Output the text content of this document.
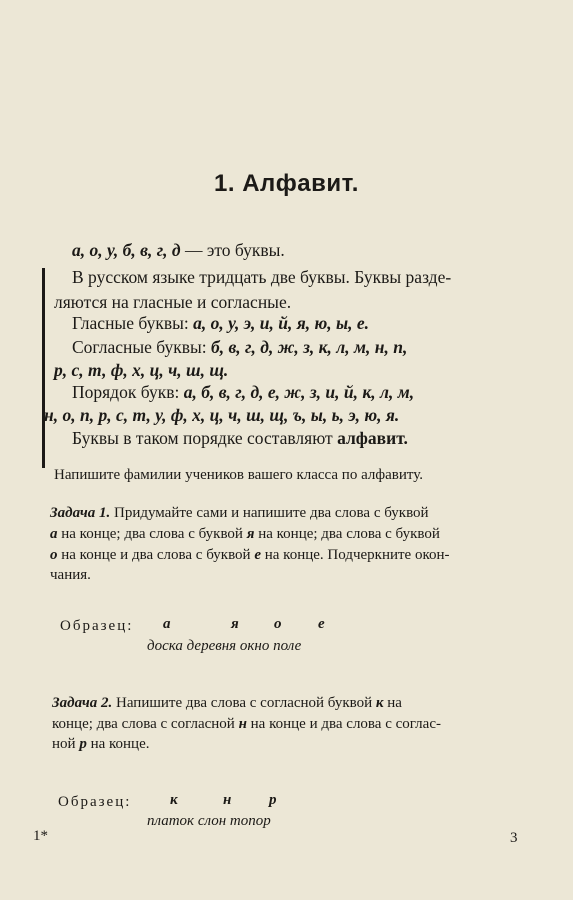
1. Алфавит.
а, о, у, б, в, г, д — это буквы.
В русском языке тридцать две буквы. Буквы разде-
ляются на гласные и согласные.
Гласные буквы: а, о, у, э, и, й, я, ю, ы, е.
Согласные буквы: б, в, г, д, ж, з, к, л, м, н, п,
р, с, т, ф, х, ц, ч, ш, щ.
Порядок букв: а, б, в, г, д, е, ж, з, и, й, к, л, м,
н, о, п, р, с, т, у, ф, х, ц, ч, ш, щ, ъ, ы, ь, э, ю, я.
Буквы в таком порядке составляют алфавит.
Напишите фамилии учеников вашего класса по алфавиту.
Задача 1. Придумайте сами и напишите два слова с буквой
а на конце; два слова с буквой я на конце; два слова с буквой
о на конце и два слова с буквой е на конце. Подчеркните окон-
чания.
Образец: а	я о е
доска деревня окно поле
Задача 2. Напишите два слова с согласной буквой к на
конце; два слова с согласной н на конце и два слова с соглас-
ной р на конце.
Образец:	к	н	р
платок слон топор
1*	3
